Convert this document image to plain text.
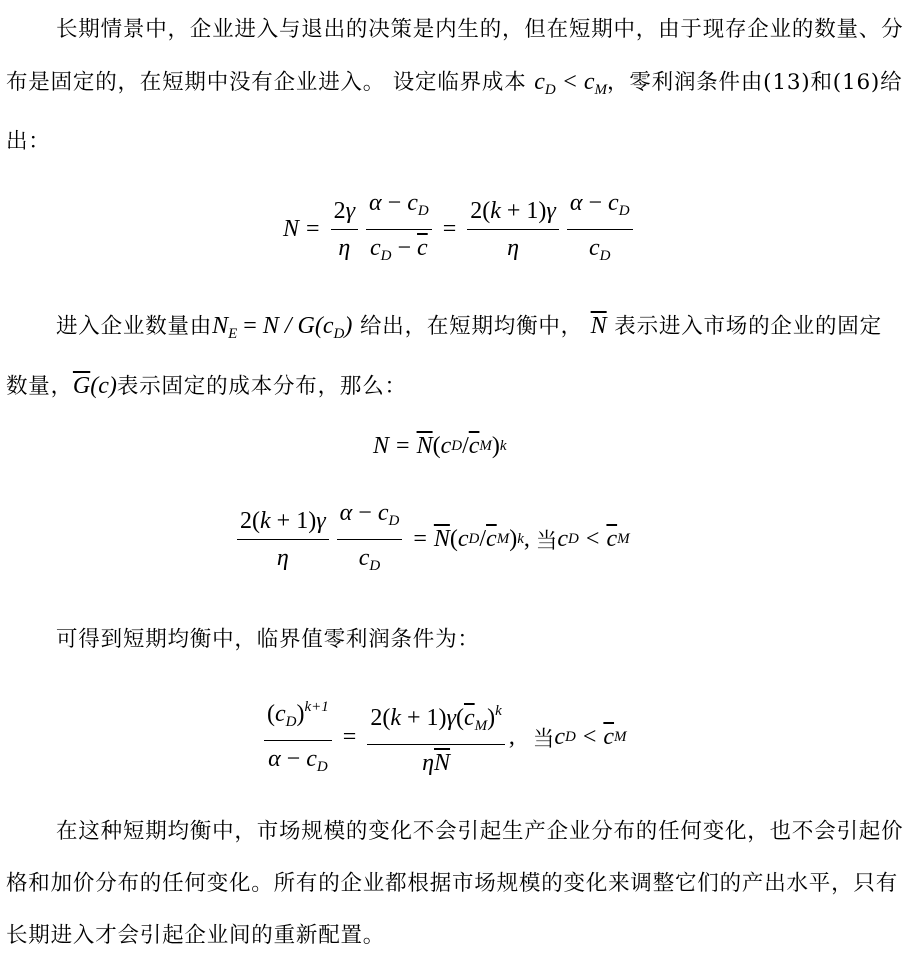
长期情景中，企业进入与退出的决策是内生的，但在短期中，由于现存企业的数量、分布是固定的，在短期中没有企业进入。 设定临界成本 $c_D < c_M$，零利润条件由(13)和(16)给出：

$N = \frac{2\gamma}{\eta} \frac{\alpha - c_D}{c_D - \overline{c}} = \frac{2(k + 1)\gamma}{\eta} \frac{\alpha - c_D}{c_D}$

进入企业数量由$N_E = N / G(c_D)$ 给出，在短期均衡中， $\overline{N}$ 表示进入市场的企业的固定数量，$\overline{G}(c)$表示固定的成本分布，那么：

$N = \overline{N}$ ( c D / $\overline{c}$ M ) k
$\frac{2(k + 1)\gamma}{\eta} \frac{\alpha - c_D}{c_D} = \overline{N}$ ( c D / $\overline{c}$ M ) k , 当 c $D < \overline{c}$ M

可得到短期均衡中，临界值零利润条件为：

$\frac{(c_D)^{k+1}}{\alpha - c_D} = \frac{2(k + 1)\gamma(\overline{c}_M)^k}{\eta\overline{N}}$ , 当 c $D < \overline{c}$ M

在这种短期均衡中，市场规模的变化不会引起生产企业分布的任何变化，也不会引起价格和加价分布的任何变化。所有的企业都根据市场规模的变化来调整它们的产出水平，只有长期进入才会引起企业间的重新配置。
